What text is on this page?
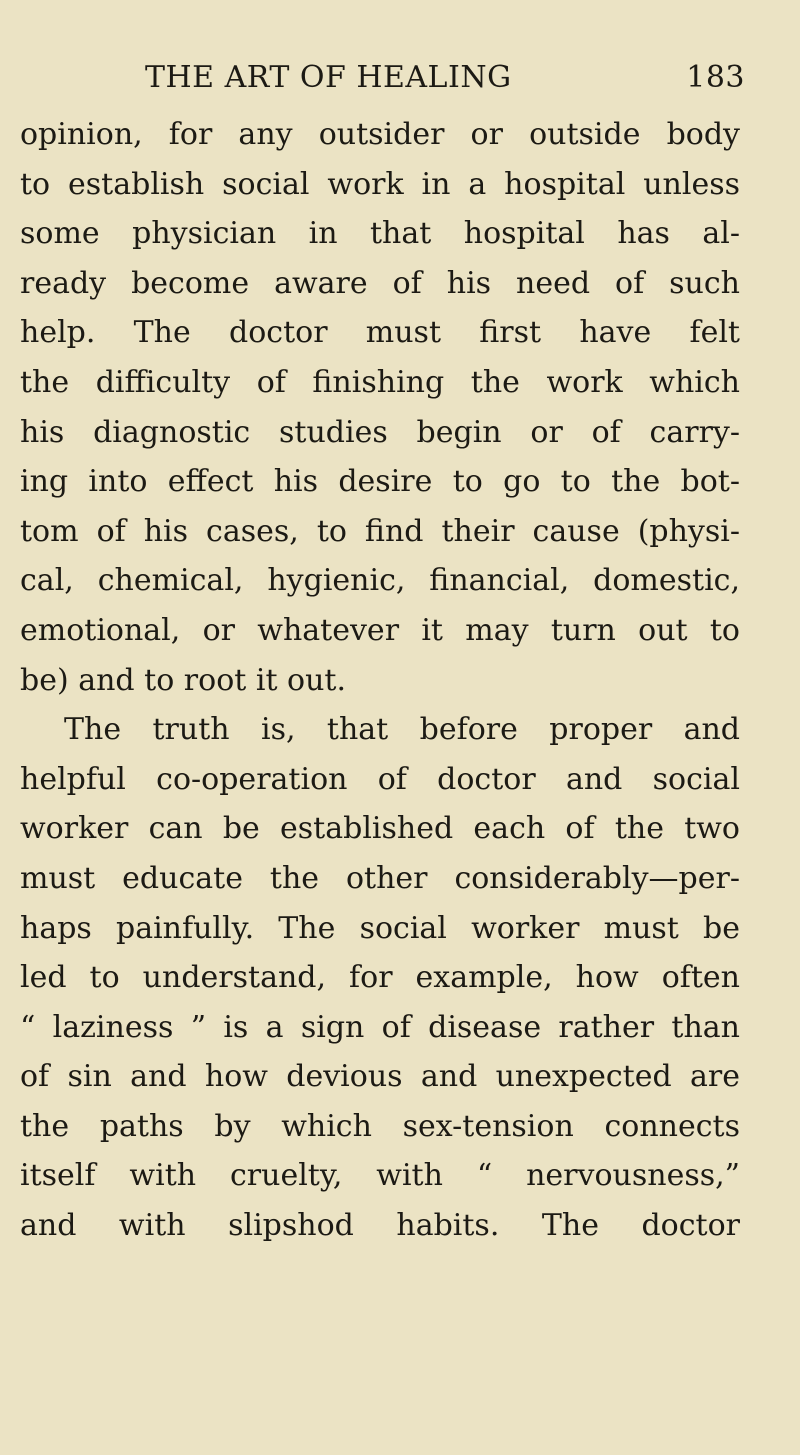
THE ART OF HEALING	183
opinion, for any outsider or outside body
to establish social work in a hospital unless
some physician in that hospital has al-
ready become aware of his need of such
help. The doctor must first have felt
the difficulty of finishing the work which
his diagnostic studies begin or of carry-
ing into effect his desire to go to the bot-
tom of his cases, to find their cause (physi-
cal, chemical, hygienic, financial, domestic,
emotional, or whatever it may turn out to
be) and to root it out.
The truth is, that before proper and
helpful co-operation of doctor and social
worker can be established each of the two
must educate the other considerably—per-
haps painfully. The social worker must be
led to understand, for example, how often
“ laziness ” is a sign of disease rather than
of sin and how devious and unexpected are
the paths by which sex-tension connects
itself with cruelty, with “ nervousness,”
and with slipshod habits. The doctor
